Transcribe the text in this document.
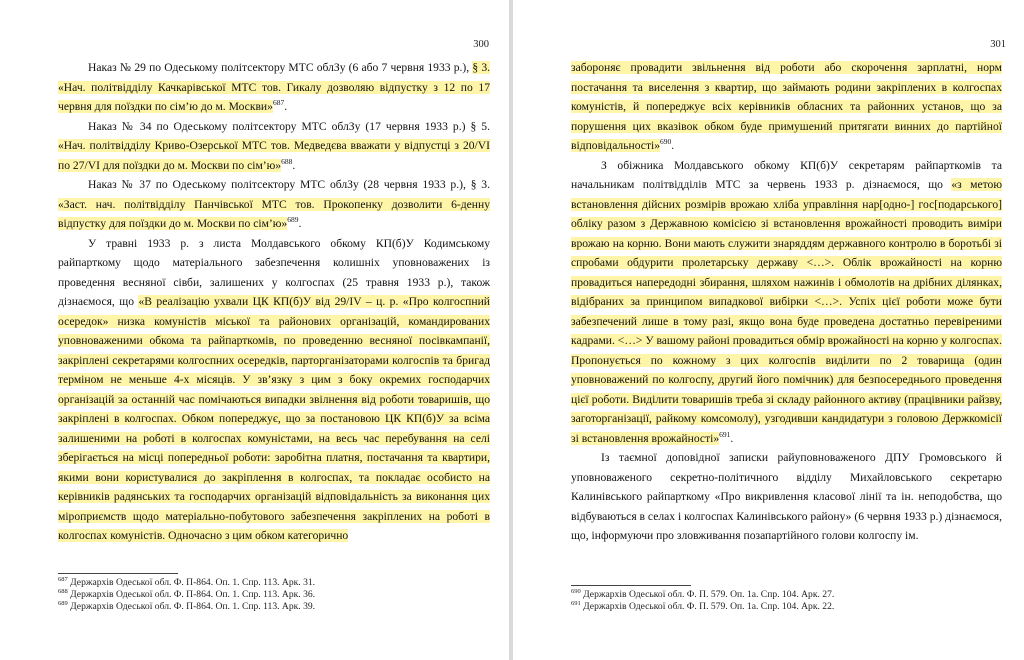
300

Наказ № 29 по Одеському політсектору МТС облЗу (6 або 7 червня 1933 р.), § 3. «Нач. політвідділу Качкарівської МТС тов. Гикалу дозволяю відпустку з 12 по 17 червня для поїздки по сім’ю до м. Москви»$^{687}$.

Наказ № 34 по Одеському політсектору МТС облЗу (17 червня 1933 р.) § 5. «Нач. політвідділу Криво-Озерської МТС тов. Медведєва вважати у відпустці з 20/VI по 27/VI для поїздки до м. Москви по сім’ю»$^{688}$.

Наказ № 37 по Одеському політсектору МТС облЗу (28 червня 1933 р.), § 3. «Заст. нач. політвідділу Панчівської МТС тов. Прокопенку дозволити 6-денну відпустку для поїздки до м. Москви по сім’ю»$^{689}$.

У травні 1933 р. з листа Молдавського обкому КП(б)У Кодимському райпарткому щодо матеріального забезпечення колишніх уповноважених із проведення весняної сівби, залишених у колгоспах (25 травня 1933 р.), також дізнаємося, що «В реалізацію ухвали ЦК КП(б)У від 29/IV – ц. р. «Про колгоспний осередок» низка комуністів міської та районових організацій, командированих уповноваженими обкома та райпарткомів, по проведенню весняної посівкампанії, закріплені секретарями колгоспних осередків, парторганізаторами колгоспів та бригад терміном не меньше 4-х місяців. У зв’язку з цим з боку окремих господарчих організацій за останній час помічаються випадки звілнення від роботи товаришів, що закріплені в колгоспах. Обком попереджує, що за постановою ЦК КП(б)У за всіма залишеними на роботі в колгоспах комуністами, на весь час перебування на селі зберігається на місці попередньої роботи: заробітна платня, постачання та квартири, якими вони користувалися до закріплення в колгоспах, та покладає особисто на керівників радянських та господарчих організацій відповідальність за виконання цих міроприємств щодо матеріально-побутового забезпечення закріплених на роботі в колгоспах комуністів. Одночасно з цим обком категорично

$^{687}$ Держархів Одеської обл. Ф. П-864. Оп. 1. Спр. 113. Арк. 31.
$^{688}$ Держархів Одеської обл. Ф. П-864. Оп. 1. Спр. 113. Арк. 36.
$^{689}$ Держархів Одеської обл. Ф. П-864. Оп. 1. Спр. 113. Арк. 39.
301

забороняє провадити звільнення від роботи або скорочення зарплатні, норм постачання та виселення з квартир, що займають родини закріплених в колгоспах комуністів, й попереджує всіх керівників обласних та районних установ, що за порушення цих вказівок обком буде примушений притягати винних до партійної відповідальності»$^{690}$.

З обіжника Молдавського обкому КП(б)У секретарям райпарткомів та начальникам політвідділів МТС за червень 1933 р. дізнаємося, що «з метою встановлення дійсних розмірів врожаю хліба управління нар[одно-] гос[подарського] обліку разом з Державною комісією зі встановлення врожайності проводить виміри врожаю на корню. Вони мають служити знаряддям державного контролю в боротьбі зі спробами обдурити пролетарську державу <…>. Облік врожайності на корню провадиться напередодні збирання, шляхом нажинів і обмолотів на дрібних ділянках, відібраних за принципом випадкової вибірки <…>. Успіх цієї роботи може бути забезпечений лише в тому разі, якщо вона буде проведена достатньо перевіреними кадрами. <…> У вашому районі провадиться обмір врожайності на корню у колгоспах. Пропонується по кожному з цих колгоспів виділити по 2 товарища (один уповноважений по колгоспу, другий його помічник) для безпосереднього проведення цієї роботи. Виділити товаришів треба зі складу районного активу (працівники райзву, заготорганізації, райкому комсомолу), узгодивши кандидатури з головою Держкомісії зі встановлення врожайності»$^{691}$.

Із таємної доповідної записки райуповноваженого ДПУ Громовського й уповноваженого секретно-політичного відділу Михайловського секретарю Калинівського райпарткому «Про викривлення класової лінії та ін. неподобства, що відбуваються в селах і колгоспах Калинівського району» (6 червня 1933 р.) дізнаємося, що, інформуючи про зловживання позапартійного голови колгоспу ім.

$^{690}$ Держархів Одеської обл. Ф. П. 579. Оп. 1а. Спр. 104. Арк. 27.
$^{691}$ Держархів Одеської обл. Ф. П. 579. Оп. 1а. Спр. 104. Арк. 22.
